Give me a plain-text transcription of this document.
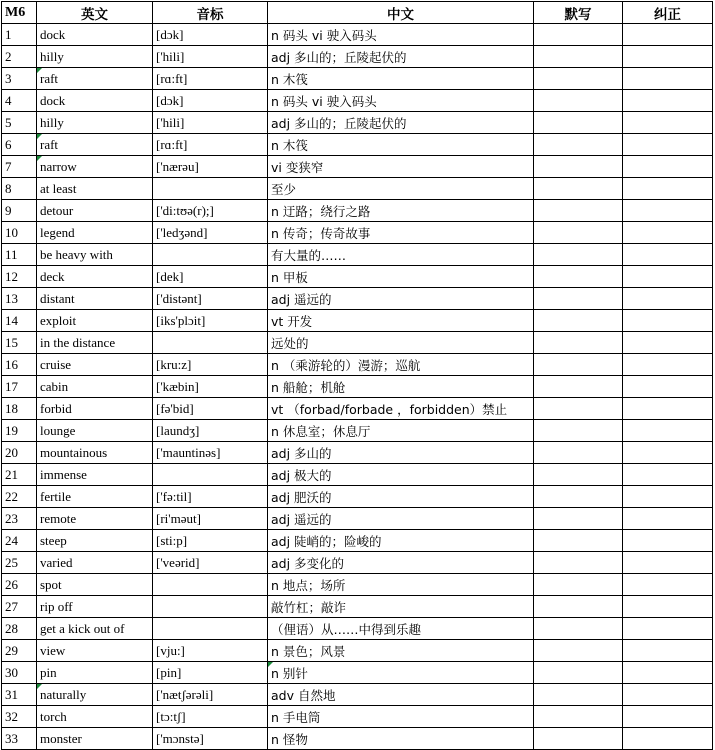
M6	英文	音标	中文	默写	纠正
1	dock	[dɔk]	n 码头 vi 驶入码头		
2	hilly	['hili]	adj 多山的；丘陵起伏的		
3	raft	[rɑ:ft]	n 木筏		
4	dock	[dɔk]	n 码头 vi 驶入码头		
5	hilly	['hili]	adj 多山的；丘陵起伏的		
6	raft	[rɑ:ft]	n 木筏		
7	narrow	['nærəu]	vi 变狭窄		
8	at least		至少		
9	detour	['di:tʊə(r);]	n 迂路；绕行之路		
10	legend	['ledʒənd]	n 传奇；传奇故事		
11	be heavy with		有大量的……		
12	deck	[dek]	n 甲板		
13	distant	['distənt]	adj 遥远的		
14	exploit	[iks'plɔit]	vt 开发		
15	in the distance		远处的		
16	cruise	[kru:z]	n （乘游轮的）漫游；巡航		
17	cabin	['kæbin]	n 船舱；机舱		
18	forbid	[fə'bid]	vt （forbad/forbade ，forbidden）禁止		
19	lounge	[laundʒ]	n 休息室；休息厅		
20	mountainous	['mauntinəs]	adj 多山的		
21	immense		adj 极大的		
22	fertile	['fə:til]	adj 肥沃的		
23	remote	[ri'məut]	adj 遥远的		
24	steep	[sti:p]	adj 陡峭的；险峻的		
25	varied	['veərid]	adj 多变化的		
26	spot		n 地点；场所		
27	rip off		敲竹杠；敲诈		
28	get a kick out of		（俚语）从……中得到乐趣		
29	view	[vju:]	n 景色；风景		
30	pin	[pin]	n 别针		
31	naturally	['nætʃərəli]	adv 自然地		
32	torch	[tɔ:tʃ]	n 手电筒		
33	monster	['mɔnstə]	n 怪物		
